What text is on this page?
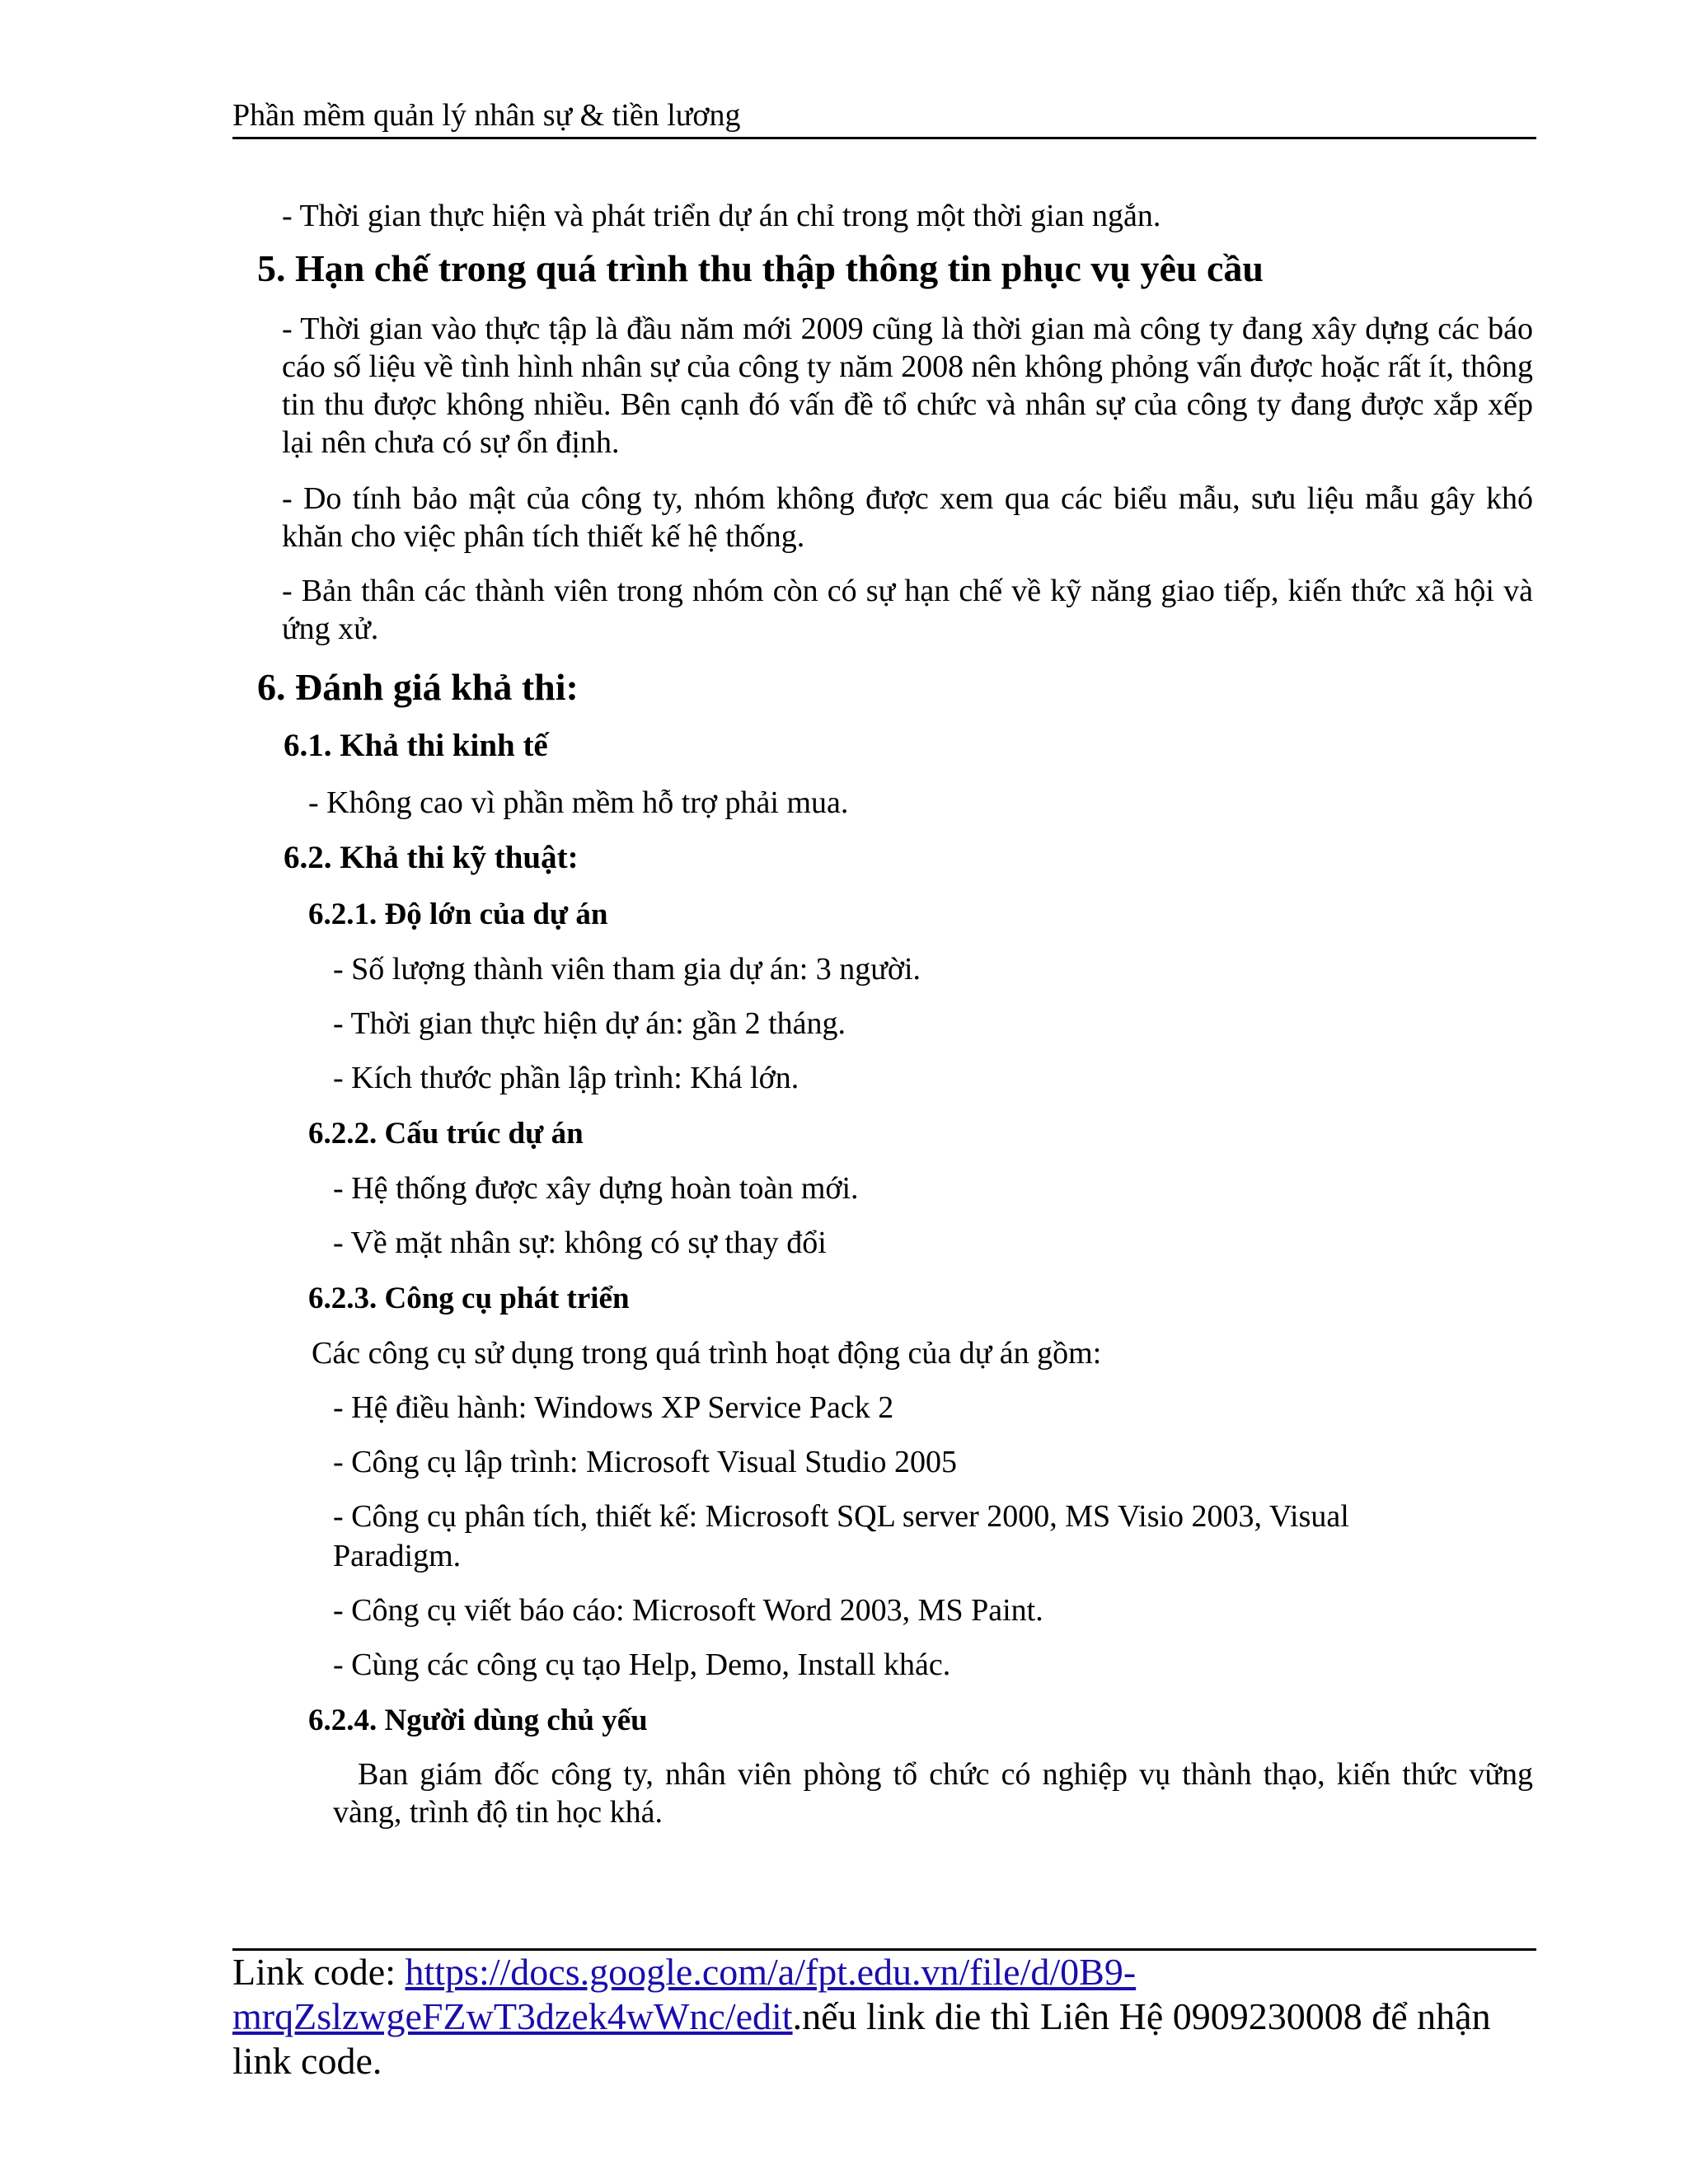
Phần mềm quản lý nhân sự & tiền lương
- Thời gian thực hiện và phát triển dự án chỉ trong một thời gian ngắn.
5. Hạn chế trong quá trình thu thập thông tin phục vụ yêu cầu
- Thời gian vào thực tập là đầu năm mới 2009 cũng là thời gian mà công ty đang xây dựng các báo cáo số liệu về tình hình nhân sự của công ty năm 2008 nên không phỏng vấn được hoặc rất ít, thông tin thu được không nhiều. Bên cạnh đó vấn đề tổ chức và nhân sự của công ty đang được xắp xếp lại nên chưa có sự ổn định.
- Do tính bảo mật của công ty, nhóm không được xem qua các biểu mẫu, sưu liệu mẫu gây khó khăn cho việc phân tích thiết kế hệ thống.
- Bản thân các thành viên trong nhóm còn có sự hạn chế về kỹ năng giao tiếp, kiến thức xã hội và ứng xử.
6. Đánh giá khả thi:
6.1. Khả thi kinh tế
- Không cao vì phần mềm hỗ trợ phải mua.
6.2. Khả thi kỹ thuật:
6.2.1. Độ lớn của dự án
- Số lượng thành viên tham gia dự án: 3 người.
- Thời gian thực hiện dự án: gần 2 tháng.
- Kích thước phần lập trình: Khá lớn.
6.2.2. Cấu trúc dự án
- Hệ thống được xây dựng hoàn toàn mới.
- Về mặt nhân sự: không có sự thay đổi
6.2.3. Công cụ phát triển
Các công cụ sử dụng trong quá trình hoạt động của dự án gồm:
- Hệ điều hành: Windows XP Service Pack 2
- Công cụ lập trình: Microsoft Visual Studio 2005
- Công cụ phân tích, thiết kế: Microsoft SQL server 2000, MS Visio 2003, Visual
Paradigm.
- Công cụ viết báo cáo: Microsoft Word 2003, MS Paint.
- Cùng các công cụ tạo Help, Demo, Install khác.
6.2.4. Người dùng chủ yếu
Ban giám đốc công ty, nhân viên phòng tổ chức có nghiệp vụ thành thạo, kiến thức vững vàng, trình độ tin học khá.
Link code: https://docs.google.com/a/fpt.edu.vn/file/d/0B9-
mrqZslzwgeFZwT3dzek4wWnc/edit.nếu link die thì Liên Hệ 0909230008 để nhận
link code.
